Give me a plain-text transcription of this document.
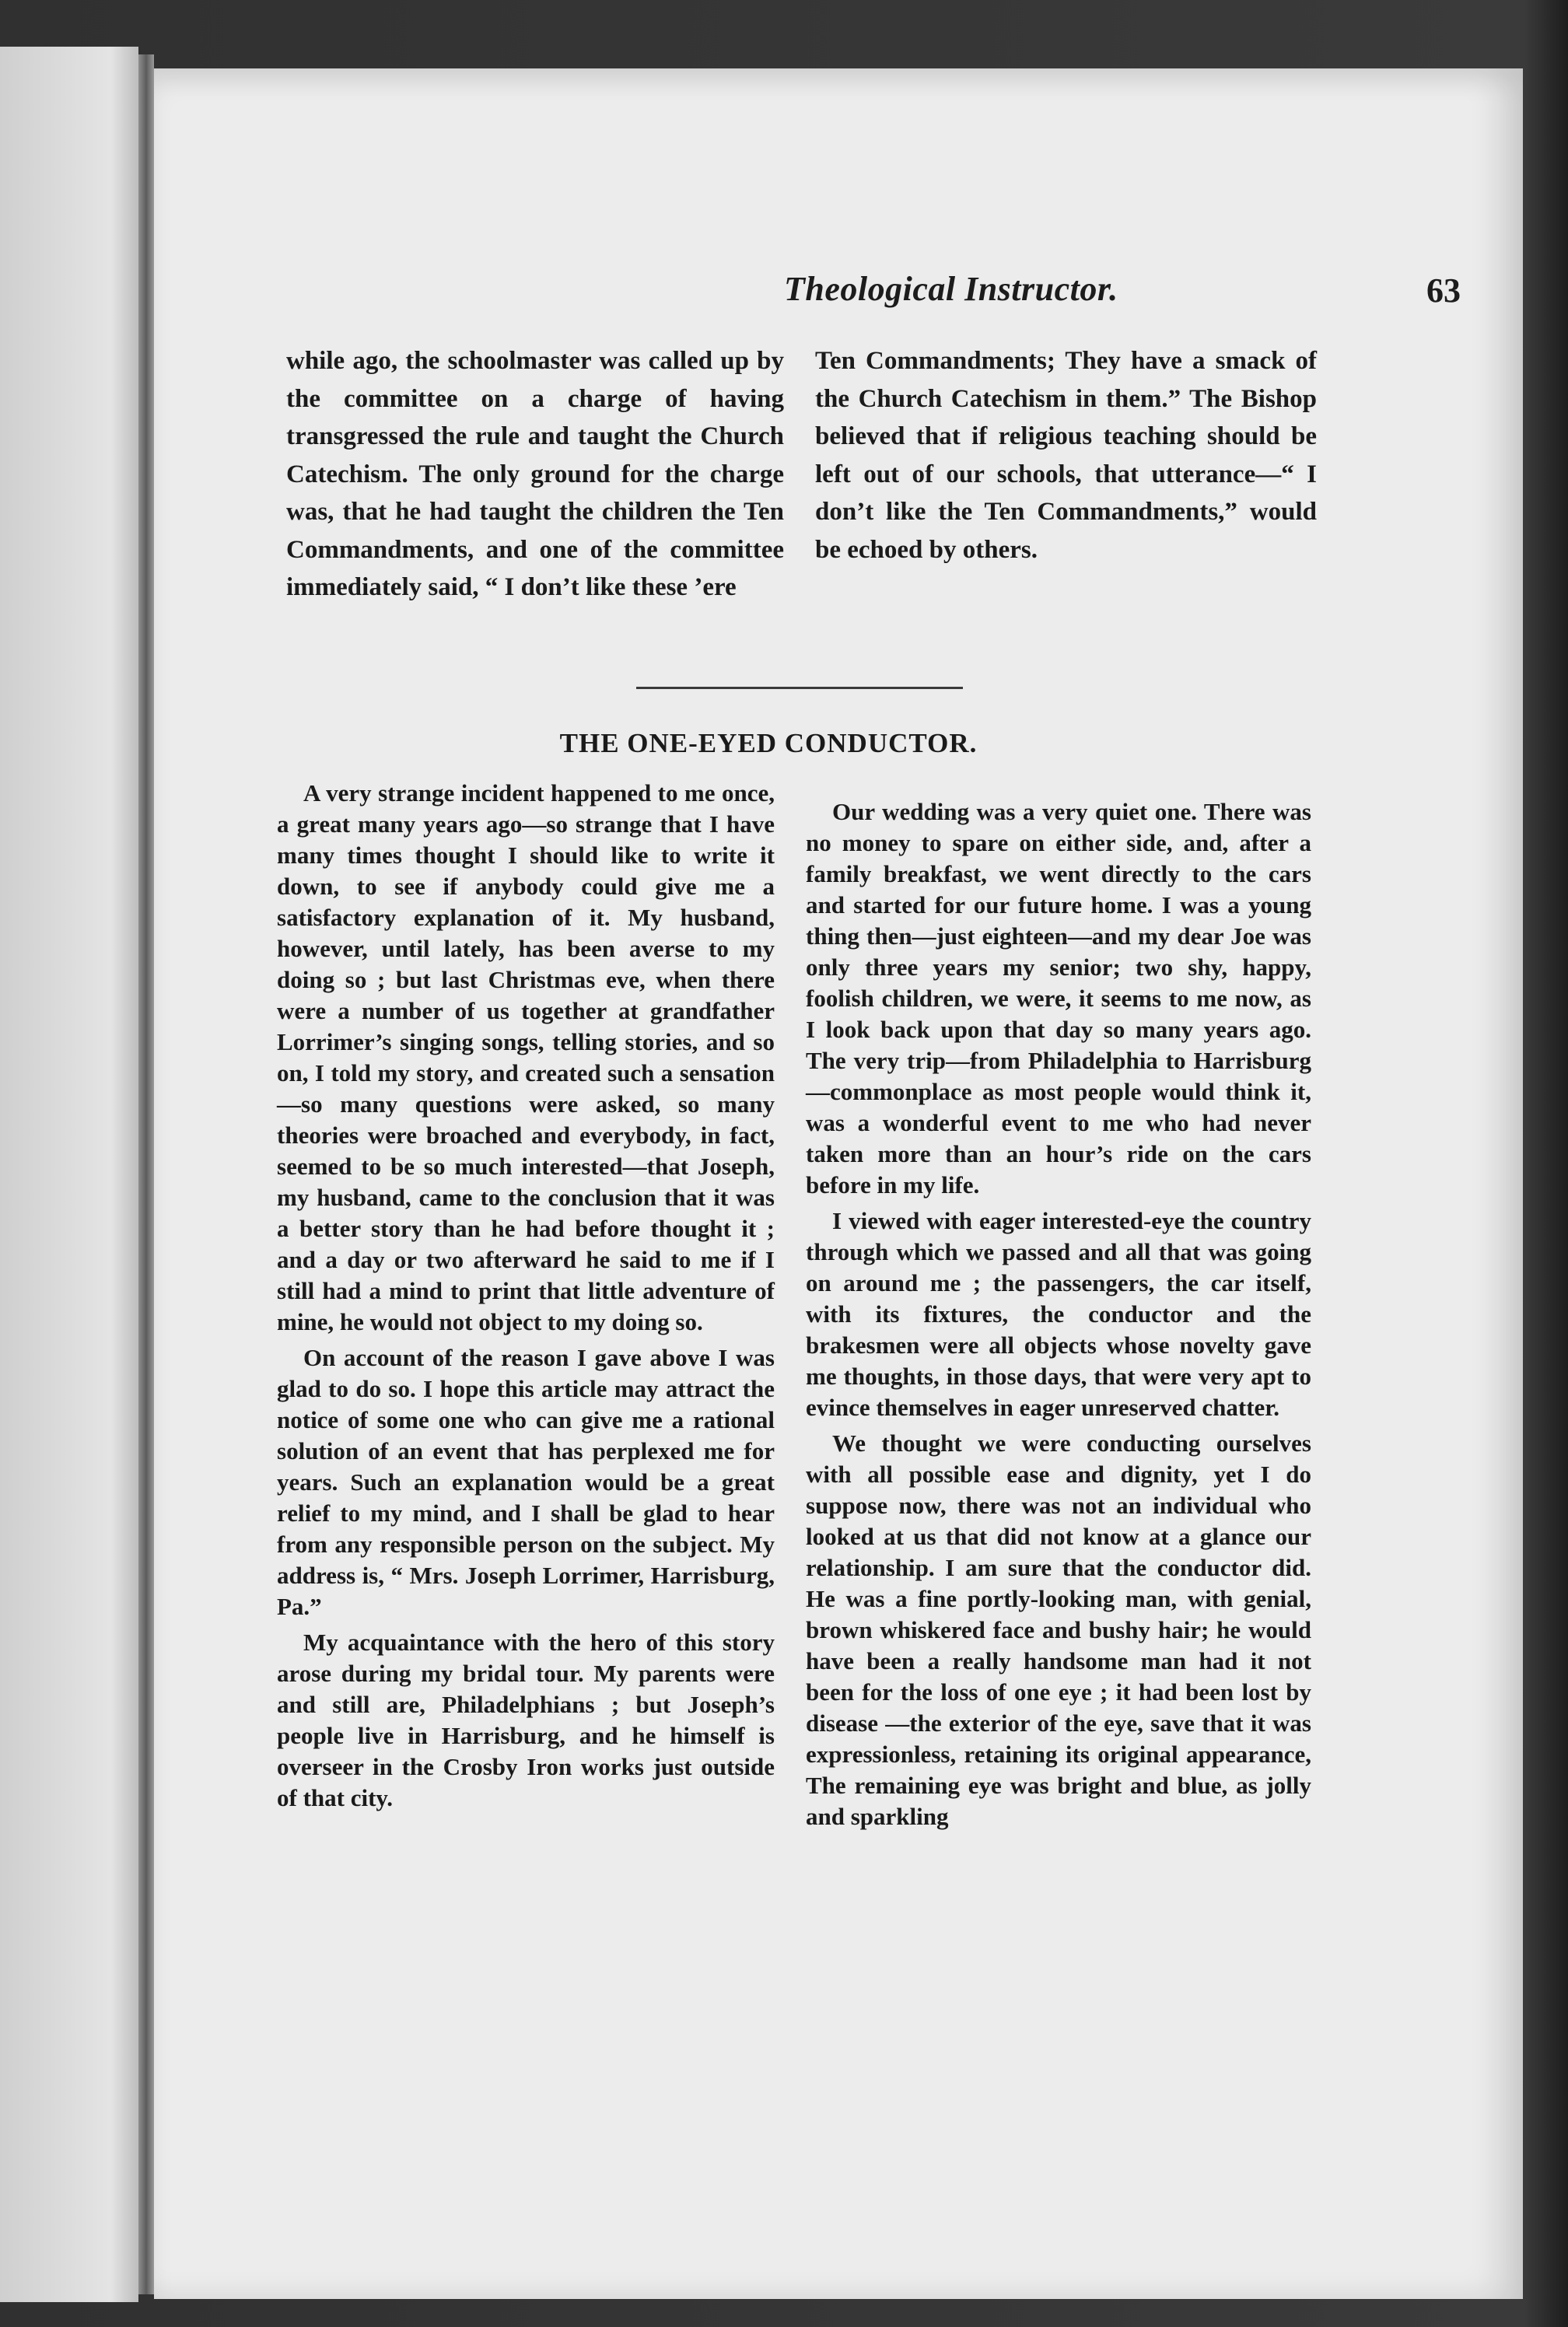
Theological Instructor.	63

while ago, the schoolmaster was called up by the committee on a charge of having transgressed the rule and taught the Church Catechism. The only ground for the charge was, that he had taught the children the Ten Commandments, and one of the committee immediately said, “ I don’t like these ’ere

Ten Commandments; They have a smack of the Church Catechism in them.” The Bishop believed that if religious teaching should be left out of our schools, that utterance—“ I don’t like the Ten Commandments,” would be echoed by others.

THE ONE-EYED CONDUCTOR.

A very strange incident happened to me once, a great many years ago—so strange that I have many times thought I should like to write it down, to see if anybody could give me a satisfactory explanation of it. My husband, however, until lately, has been averse to my doing so ; but last Christmas eve, when there were a number of us together at grandfather Lorrimer’s singing songs, telling stories, and so on, I told my story, and created such a sensation—so many questions were asked, so many theories were broached and everybody, in fact, seemed to be so much interested—that Joseph, my husband, came to the conclusion that it was a better story than he had before thought it ; and a day or two afterward he said to me if I still had a mind to print that little adventure of mine, he would not object to my doing so.

On account of the reason I gave above I was glad to do so. I hope this article may attract the notice of some one who can give me a rational solution of an event that has perplexed me for years. Such an explanation would be a great relief to my mind, and I shall be glad to hear from any responsible person on the subject. My address is, “ Mrs. Joseph Lorrimer, Harrisburg, Pa.”

My acquaintance with the hero of this story arose during my bridal tour. My parents were and still are, Philadelphians ; but Joseph’s people live in Harrisburg, and he himself is overseer in the Crosby Iron works just outside of that city.

Our wedding was a very quiet one. There was no money to spare on either side, and, after a family breakfast, we went directly to the cars and started for our future home. I was a young thing then—just eighteen—and my dear Joe was only three years my senior; two shy, happy, foolish children, we were, it seems to me now, as I look back upon that day so many years ago. The very trip—from Philadelphia to Harrisburg—commonplace as most people would think it, was a wonderful event to me who had never taken more than an hour’s ride on the cars before in my life.

I viewed with eager interested-eye the country through which we passed and all that was going on around me ; the passengers, the car itself, with its fixtures, the conductor and the brakesmen were all objects whose novelty gave me thoughts, in those days, that were very apt to evince themselves in eager unreserved chatter.

We thought we were conducting ourselves with all possible ease and dignity, yet I do suppose now, there was not an individual who looked at us that did not know at a glance our relationship. I am sure that the conductor did. He was a fine portly-looking man, with genial, brown whiskered face and bushy hair; he would have been a really handsome man had it not been for the loss of one eye ; it had been lost by disease —the exterior of the eye, save that it was expressionless, retaining its original appearance, The remaining eye was bright and blue, as jolly and sparkling
